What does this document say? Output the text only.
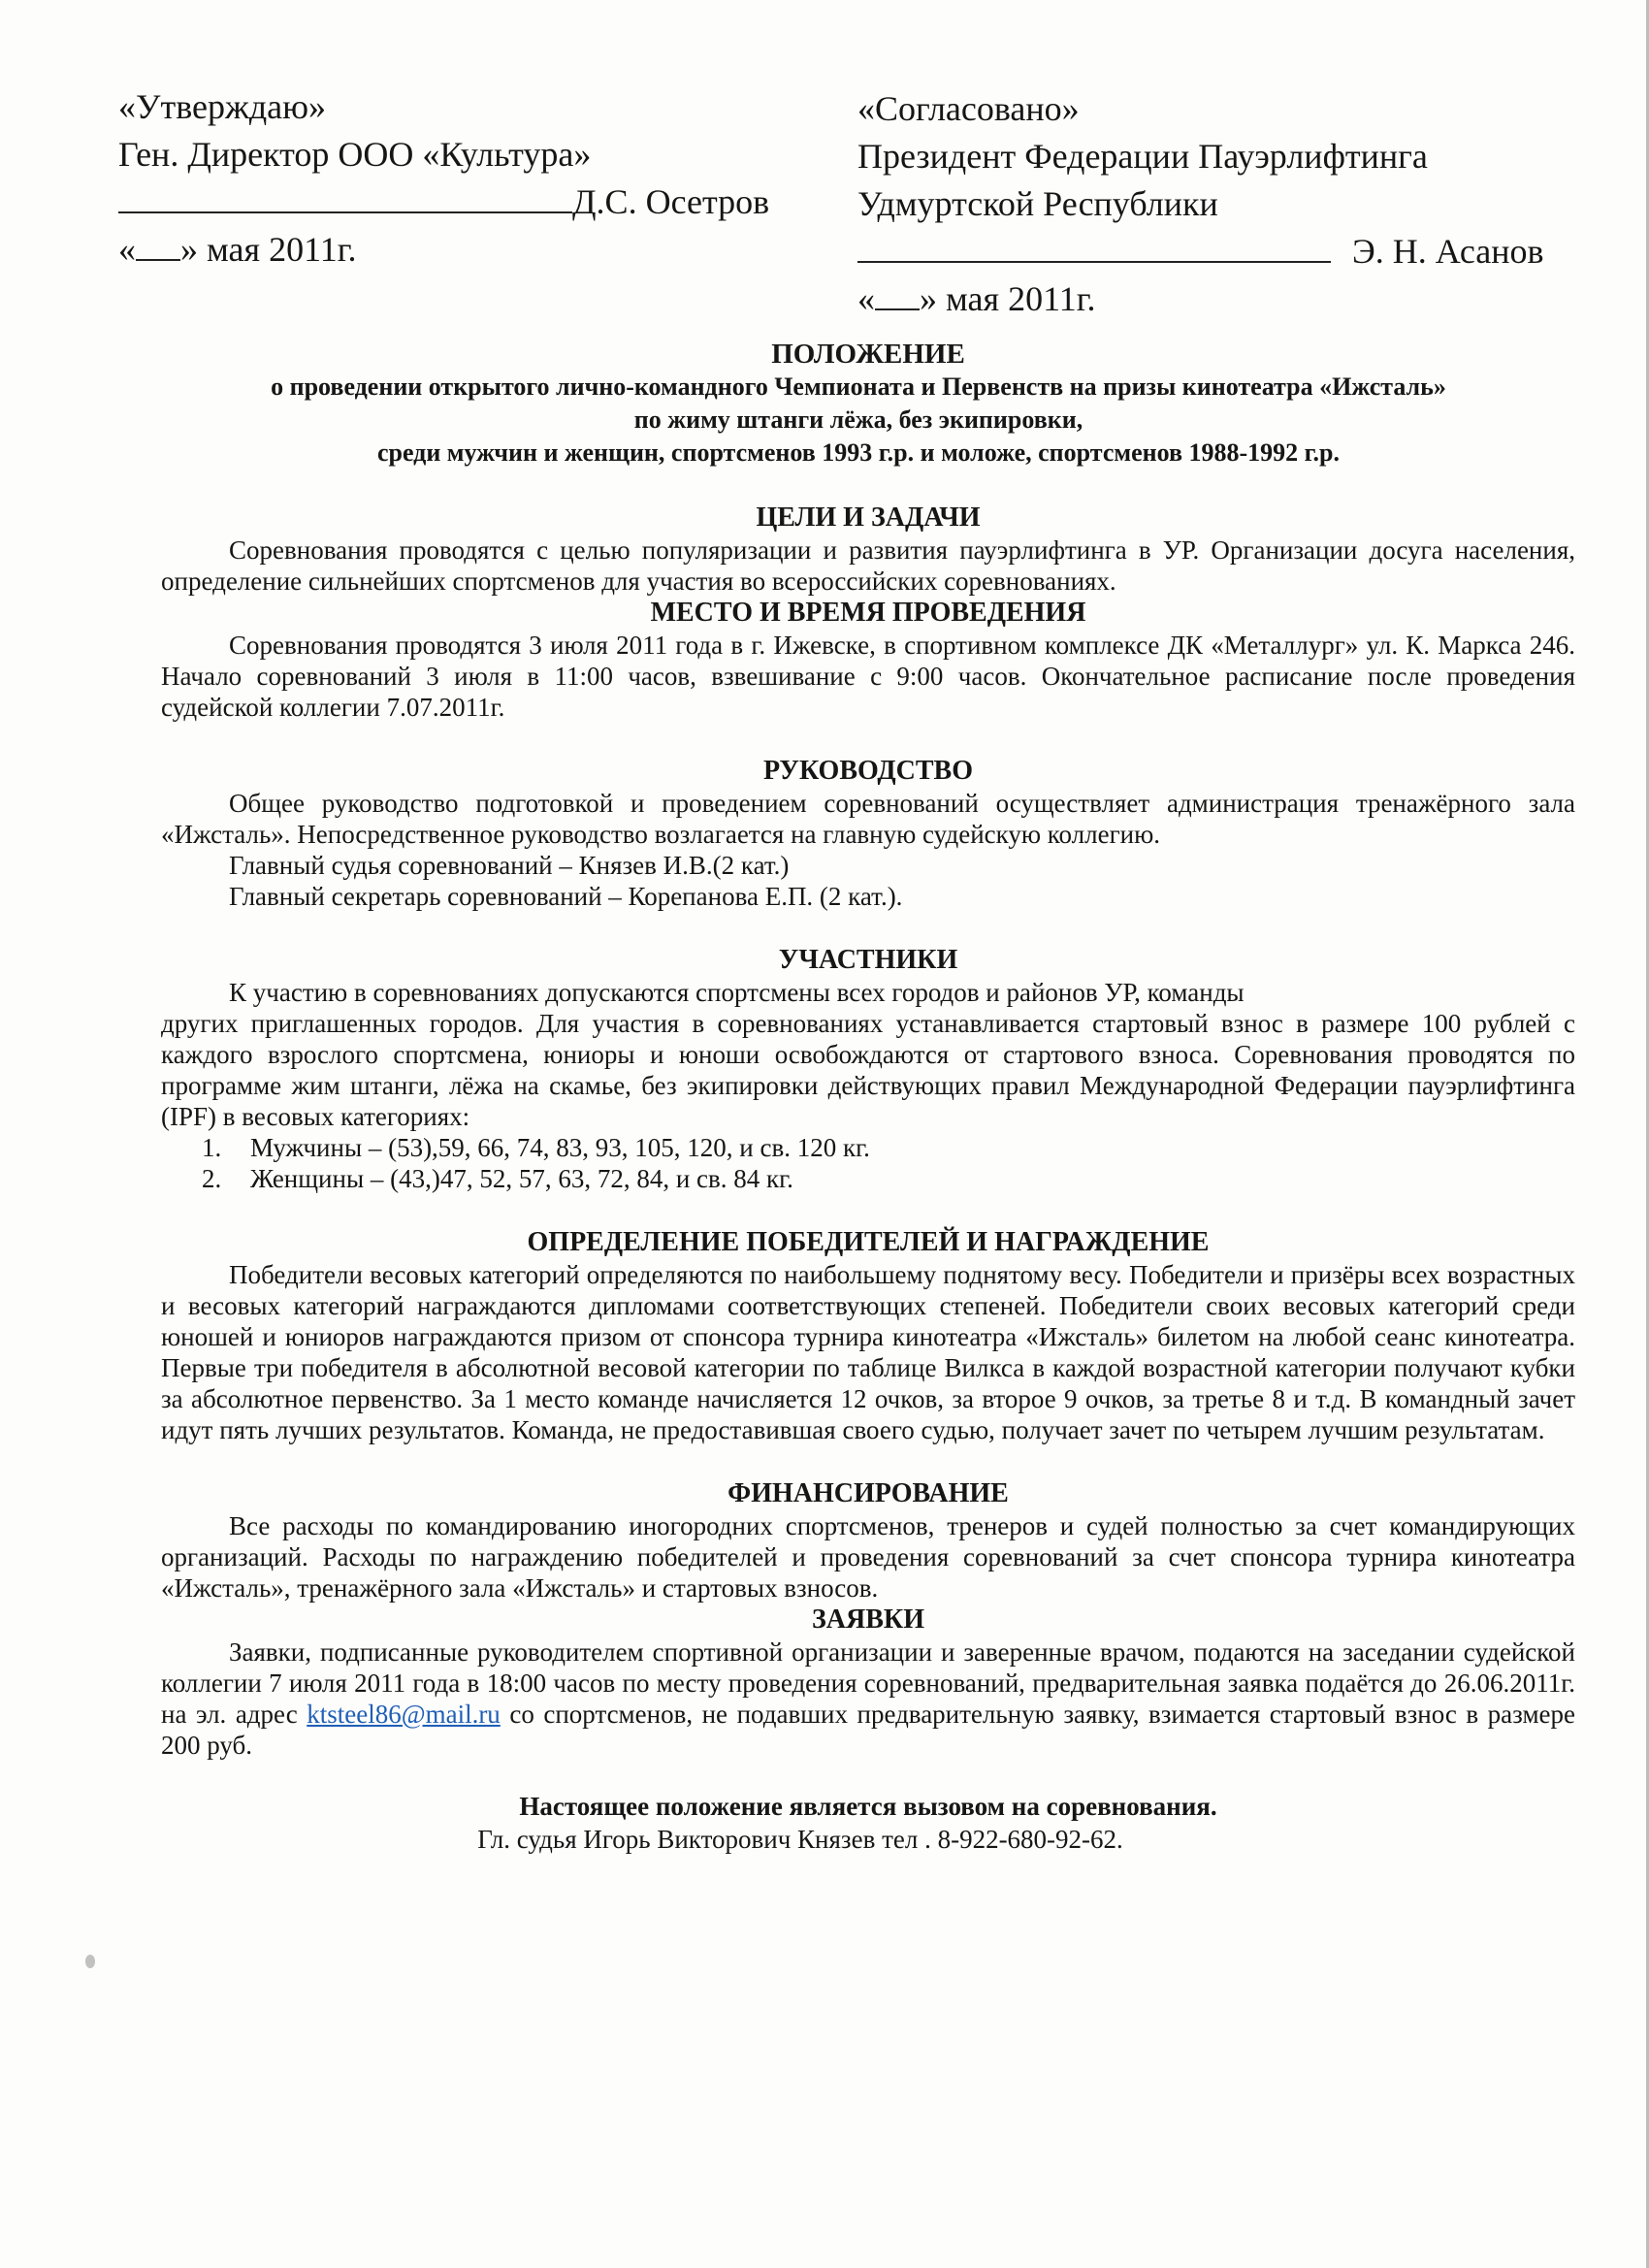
«Утверждаю»
Ген. Директор ООО «Культура»
Д.С. Осетров
« » мая 2011г.
«Согласовано»
Президент Федерации Пауэрлифтинга
Удмуртской Республики
Э. Н. Асанов
« » мая 2011г.
ПОЛОЖЕНИЕ
о проведении открытого лично-командного Чемпионата и Первенств на призы кинотеатра «Ижсталь»
по жиму штанги лёжа, без экипировки,
среди мужчин и женщин, спортсменов 1993 г.р. и моложе, спортсменов 1988-1992 г.р.
ЦЕЛИ И ЗАДАЧИ

Соревнования проводятся с целью популяризации и развития пауэрлифтинга в УР. Организации досуга населения, определение сильнейших спортсменов для участия во всероссийских соревнованиях.

МЕСТО И ВРЕМЯ ПРОВЕДЕНИЯ

Соревнования проводятся 3 июля 2011 года в г. Ижевске, в спортивном комплексе ДК «Металлург» ул. К. Маркса 246. Начало соревнований 3 июля в 11:00 часов, взвешивание с 9:00 часов. Окончательное расписание после проведения судейской коллегии 7.07.2011г.

РУКОВОДСТВО

Общее руководство подготовкой и проведением соревнований осуществляет администрация тренажёрного зала «Ижсталь». Непосредственное руководство возлагается на главную судейскую коллегию.

Главный судья соревнований – Князев И.В.(2 кат.)

Главный секретарь соревнований – Корепанова Е.П. (2 кат.).

УЧАСТНИКИ

К участию в соревнованиях допускаются спортсмены всех городов и районов УР, команды

других приглашенных городов. Для участия в соревнованиях устанавливается стартовый взнос в размере 100 рублей с каждого взрослого спортсмена, юниоры и юноши освобождаются от стартового взноса. Соревнования проводятся по программе жим штанги, лёжа на скамье, без экипировки действующих правил Международной Федерации пауэрлифтинга (IPF) в весовых категориях:

1.	Мужчины – (53),59, 66, 74, 83, 93, 105, 120, и св. 120 кг.
2.	Женщины – (43,)47, 52, 57, 63, 72, 84, и св. 84 кг.
ОПРЕДЕЛЕНИЕ ПОБЕДИТЕЛЕЙ И НАГРАЖДЕНИЕ

Победители весовых категорий определяются по наибольшему поднятому весу. Победители и призёры всех возрастных и весовых категорий награждаются дипломами соответствующих степеней. Победители своих весовых категорий среди юношей и юниоров награждаются призом от спонсора турнира кинотеатра «Ижсталь» билетом на любой сеанс кинотеатра. Первые три победителя в абсолютной весовой категории по таблице Вилкса в каждой возрастной категории получают кубки за абсолютное первенство. За 1 место команде начисляется 12 очков, за второе 9 очков, за третье 8 и т.д. В командный зачет идут пять лучших результатов. Команда, не предоставившая своего судью, получает зачет по четырем лучшим результатам.

ФИНАНСИРОВАНИЕ

Все расходы по командированию иногородних спортсменов, тренеров и судей полностью за счет командирующих организаций. Расходы по награждению победителей и проведения соревнований за счет спонсора турнира кинотеатра «Ижсталь», тренажёрного зала «Ижсталь» и стартовых взносов.

ЗАЯВКИ

Заявки, подписанные руководителем спортивной организации и заверенные врачом, подаются на заседании судейской коллегии 7 июля 2011 года в 18:00 часов по месту проведения соревнований, предварительная заявка подаётся до 26.06.2011г. на эл. адрес ktsteel86@mail.ru со спортсменов, не подавших предварительную заявку, взимается стартовый взнос в размере 200 руб.

Настоящее положение является вызовом на соревнования.
Гл. судья Игорь Викторович Князев тел . 8-922-680-92-62.
